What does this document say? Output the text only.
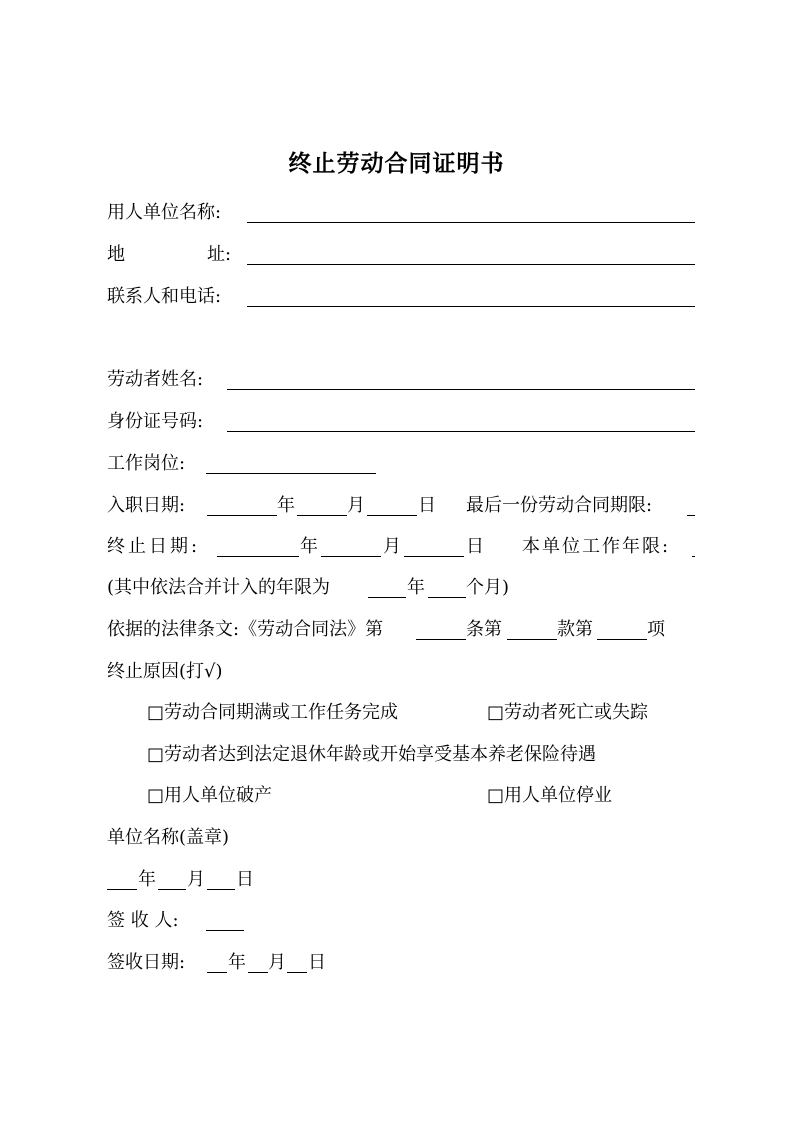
终止劳动合同证明书
用人单位名称:
地	址:
联系人和电话:
劳动者姓名:
身份证号码:
工作岗位:
入职日期:	年	月	日 最后一份劳动合同期限:
终止日期:	年	月	日 本单位工作年限:
(其中依法合并计入的年限为	年 个月)
依据的法律条文:《劳动合同法》第	条第	款第	项
终止原因(打√)
□劳动合同期满或工作任务完成	□劳动者死亡或失踪
□劳动者达到法定退休年龄或开始享受基本养老保险待遇
□用人单位破产	□用人单位停业
单位名称(盖章)
年 月 日
签 收 人:
签收日期: 年 月 日
